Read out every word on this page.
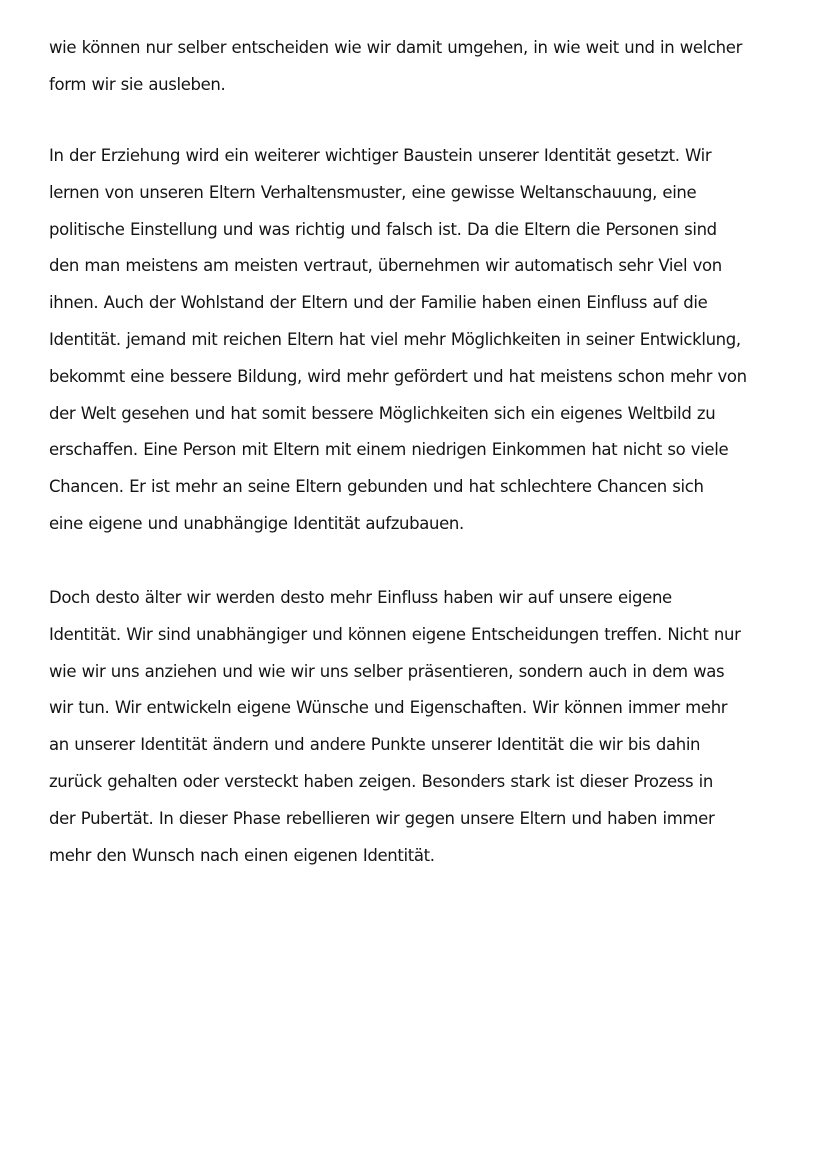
wie können nur selber entscheiden wie wir damit umgehen, in wie weit und in welcher
form wir sie ausleben.
In der Erziehung wird ein weiterer wichtiger Baustein unserer Identität gesetzt. Wir
lernen von unseren Eltern Verhaltensmuster, eine gewisse Weltanschauung, eine
politische Einstellung und was richtig und falsch ist. Da die Eltern die Personen sind
den man meistens am meisten vertraut, übernehmen wir automatisch sehr Viel von
ihnen. Auch der Wohlstand der Eltern und der Familie haben einen Einfluss auf die
Identität. jemand mit reichen Eltern hat viel mehr Möglichkeiten in seiner Entwicklung,
bekommt eine bessere Bildung, wird mehr gefördert und hat meistens schon mehr von
der Welt gesehen und hat somit bessere Möglichkeiten sich ein eigenes Weltbild zu
erschaffen. Eine Person mit Eltern mit einem niedrigen Einkommen hat nicht so viele
Chancen. Er ist mehr an seine Eltern gebunden und hat schlechtere Chancen sich
eine eigene und unabhängige Identität aufzubauen.
Doch desto älter wir werden desto mehr Einfluss haben wir auf unsere eigene
Identität. Wir sind unabhängiger und können eigene Entscheidungen treffen. Nicht nur
wie wir uns anziehen und wie wir uns selber präsentieren, sondern auch in dem was
wir tun. Wir entwickeln eigene Wünsche und Eigenschaften. Wir können immer mehr
an unserer Identität ändern und andere Punkte unserer Identität die wir bis dahin
zurück gehalten oder versteckt haben zeigen. Besonders stark ist dieser Prozess in
der Pubertät. In dieser Phase rebellieren wir gegen unsere Eltern und haben immer
mehr den Wunsch nach einen eigenen Identität.
